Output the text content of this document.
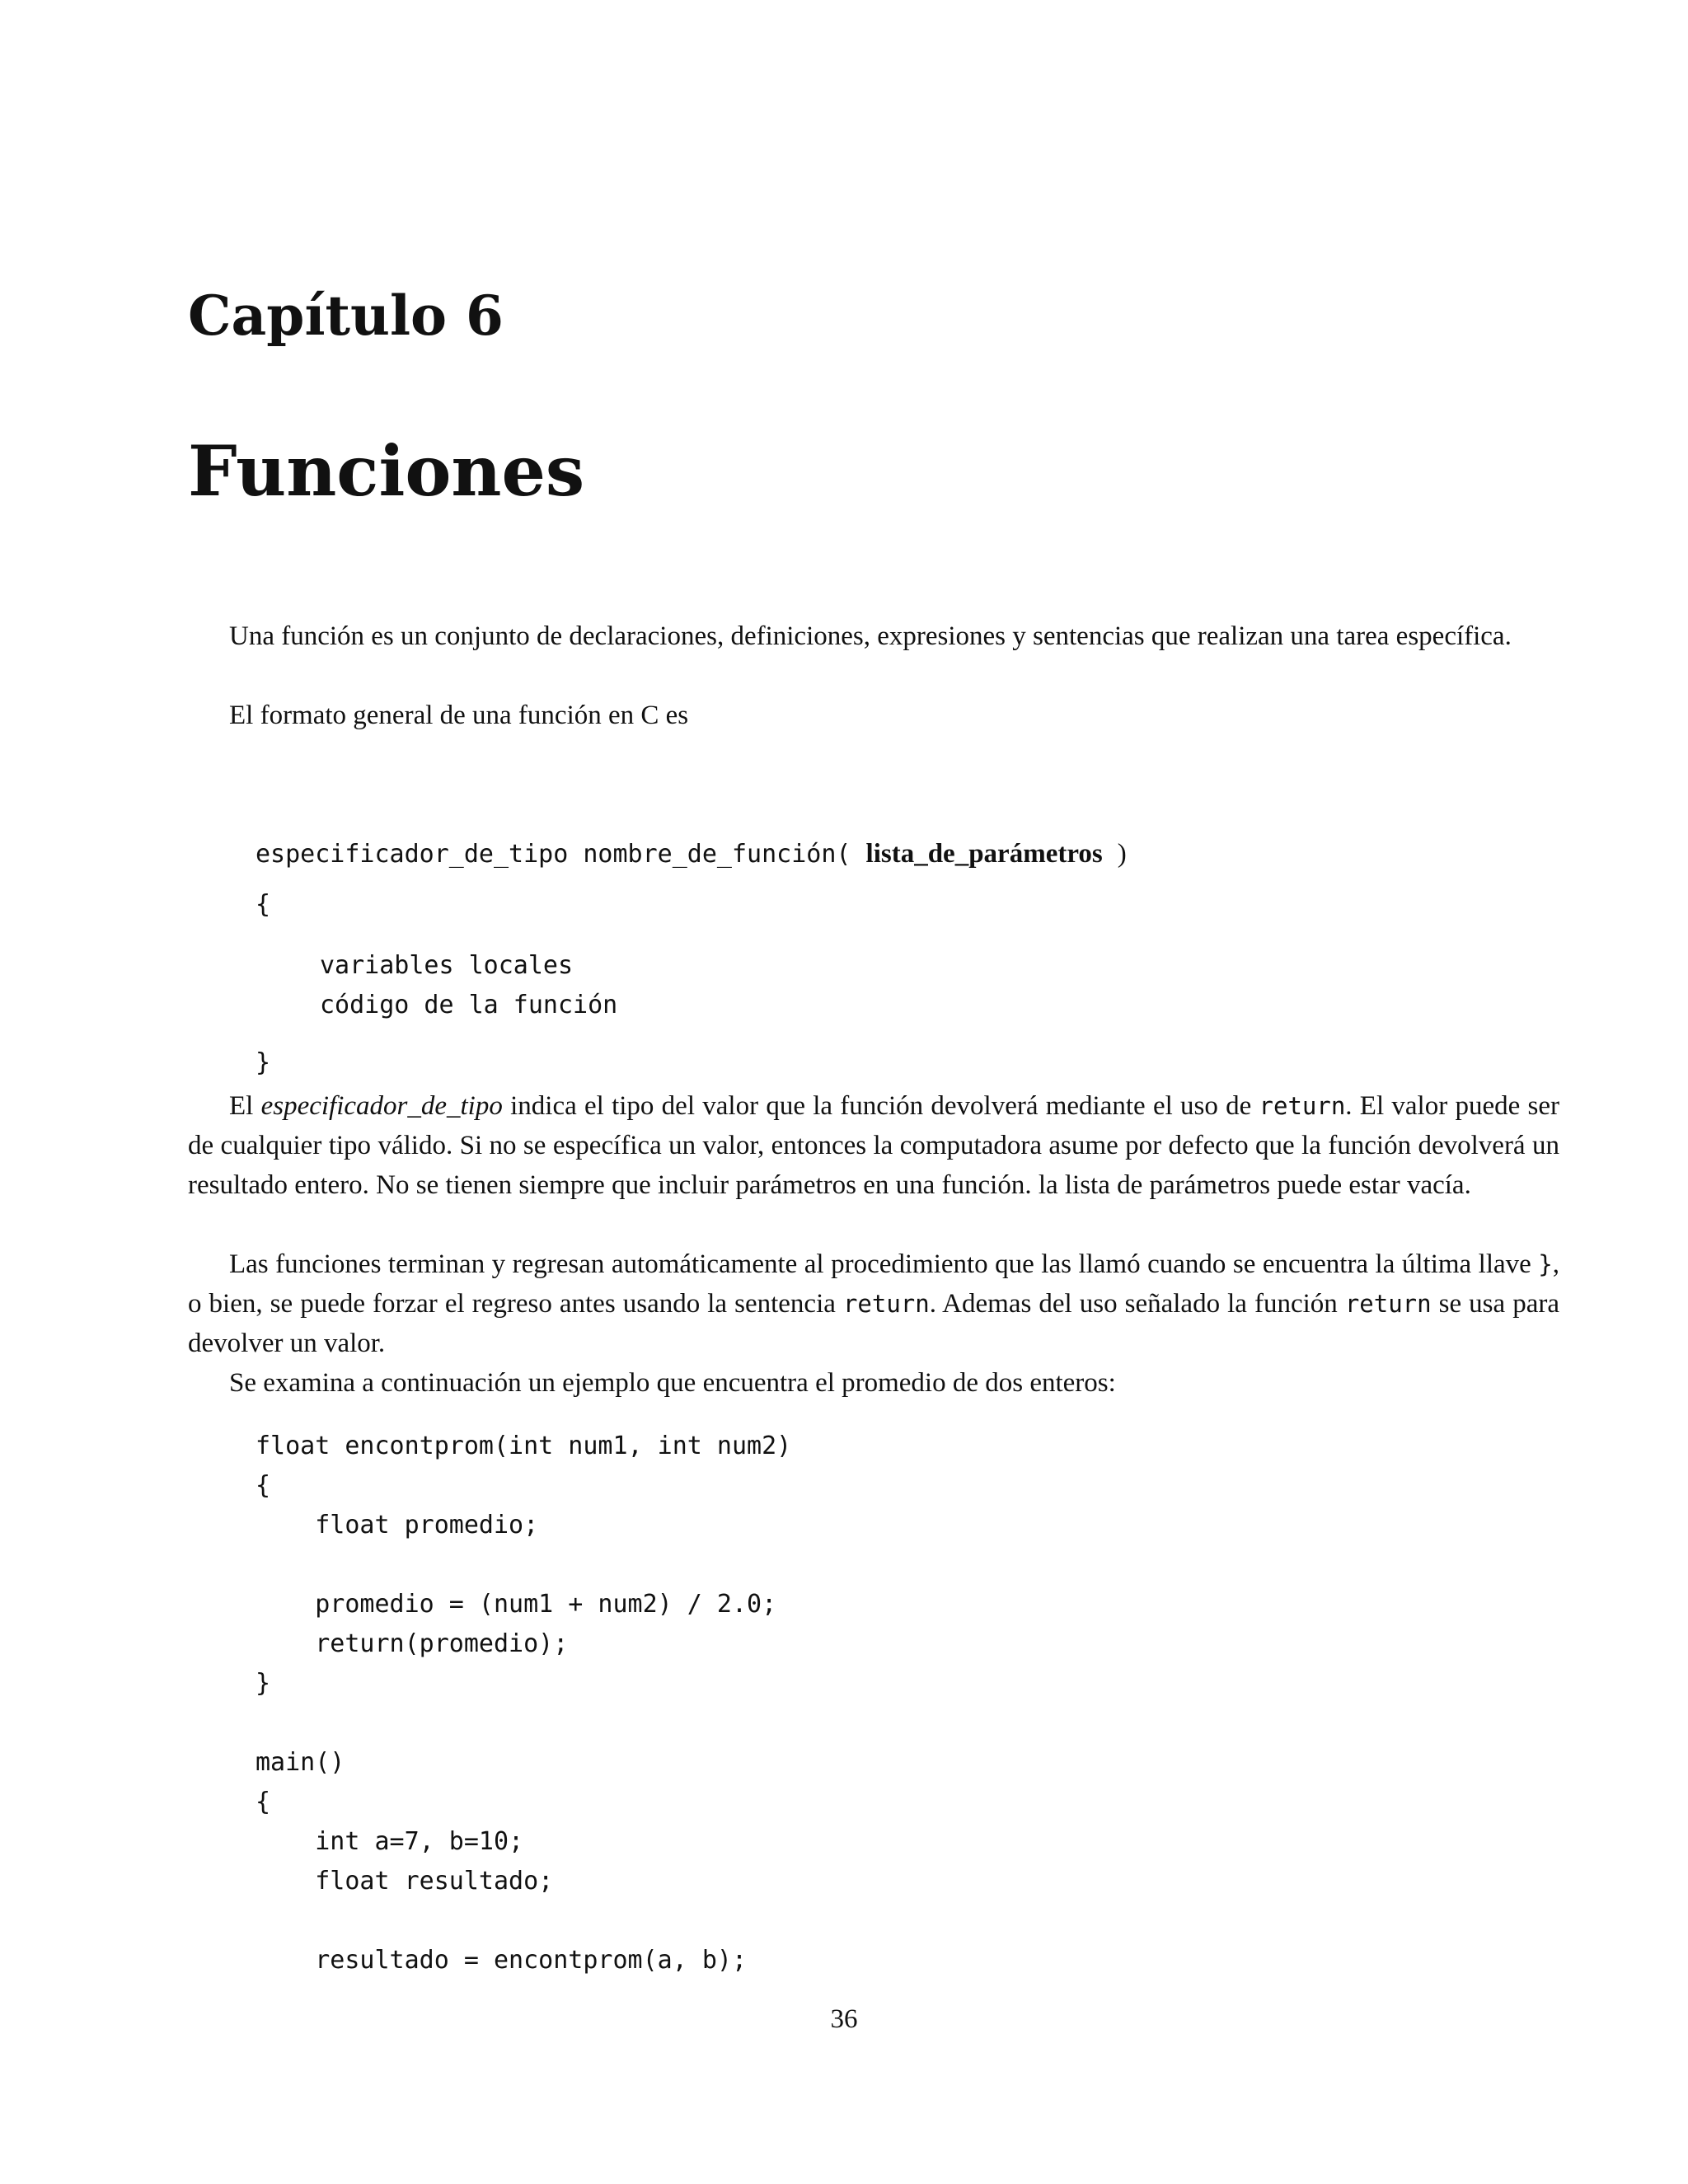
Capítulo 6
Funciones

Una función es un conjunto de declaraciones, definiciones, expresiones y sentencias que realizan una tarea específica.

El formato general de una función en C es

especificador_de_tipo nombre_de_función( lista_de_parámetros )
{
variables locales
código de la función
}

El especificador_de_tipo indica el tipo del valor que la función devolverá mediante el uso de return. El valor puede ser de cualquier tipo válido. Si no se específica un valor, entonces la computadora asume por defecto que la función devolverá un resultado entero. No se tienen siempre que incluir parámetros en una función. la lista de parámetros puede estar vacía.

Las funciones terminan y regresan automáticamente al procedimiento que las llamó cuando se encuentra la última llave }, o bien, se puede forzar el regreso antes usando la sentencia return. Ademas del uso señalado la función return se usa para devolver un valor.

Se examina a continuación un ejemplo que encuentra el promedio de dos enteros:

float encontprom(int num1, int num2)

{

float promedio;

promedio = (num1 + num2) / 2.0;

return(promedio);

}

main()

{

int a=7, b=10;

float resultado;

resultado = encontprom(a, b);

36
